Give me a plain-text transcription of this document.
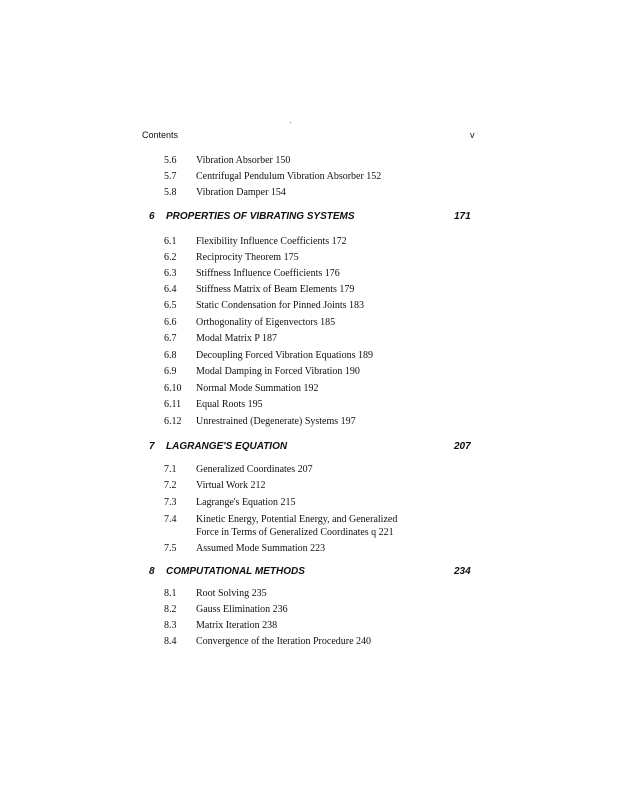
Contents	v
5.6 Vibration Absorber 150
5.7 Centrifugal Pendulum Vibration Absorber 152
5.8 Vibration Damper 154
6 PROPERTIES OF VIBRATING SYSTEMS	171
6.1 Flexibility Influence Coefficients 172
6.2 Reciprocity Theorem 175
6.3 Stiffness Influence Coefficients 176
6.4 Stiffness Matrix of Beam Elements 179
6.5 Static Condensation for Pinned Joints 183
6.6 Orthogonality of Eigenvectors 185
6.7 Modal Matrix P 187
6.8 Decoupling Forced Vibration Equations 189
6.9 Modal Damping in Forced Vibration 190
6.10 Normal Mode Summation 192
6.11 Equal Roots 195
6.12 Unrestrained (Degenerate) Systems 197
7 LAGRANGE'S EQUATION	207
7.1 Generalized Coordinates 207
7.2 Virtual Work 212
7.3 Lagrange's Equation 215
7.4 Kinetic Energy, Potential Energy, and Generalized
Force in Terms of Generalized Coordinates q 221
7.5 Assumed Mode Summation 223
8 COMPUTATIONAL METHODS	234
8.1 Root Solving 235
8.2 Gauss Elimination 236
8.3 Matrix Iteration 238
8.4 Convergence of the Iteration Procedure 240
